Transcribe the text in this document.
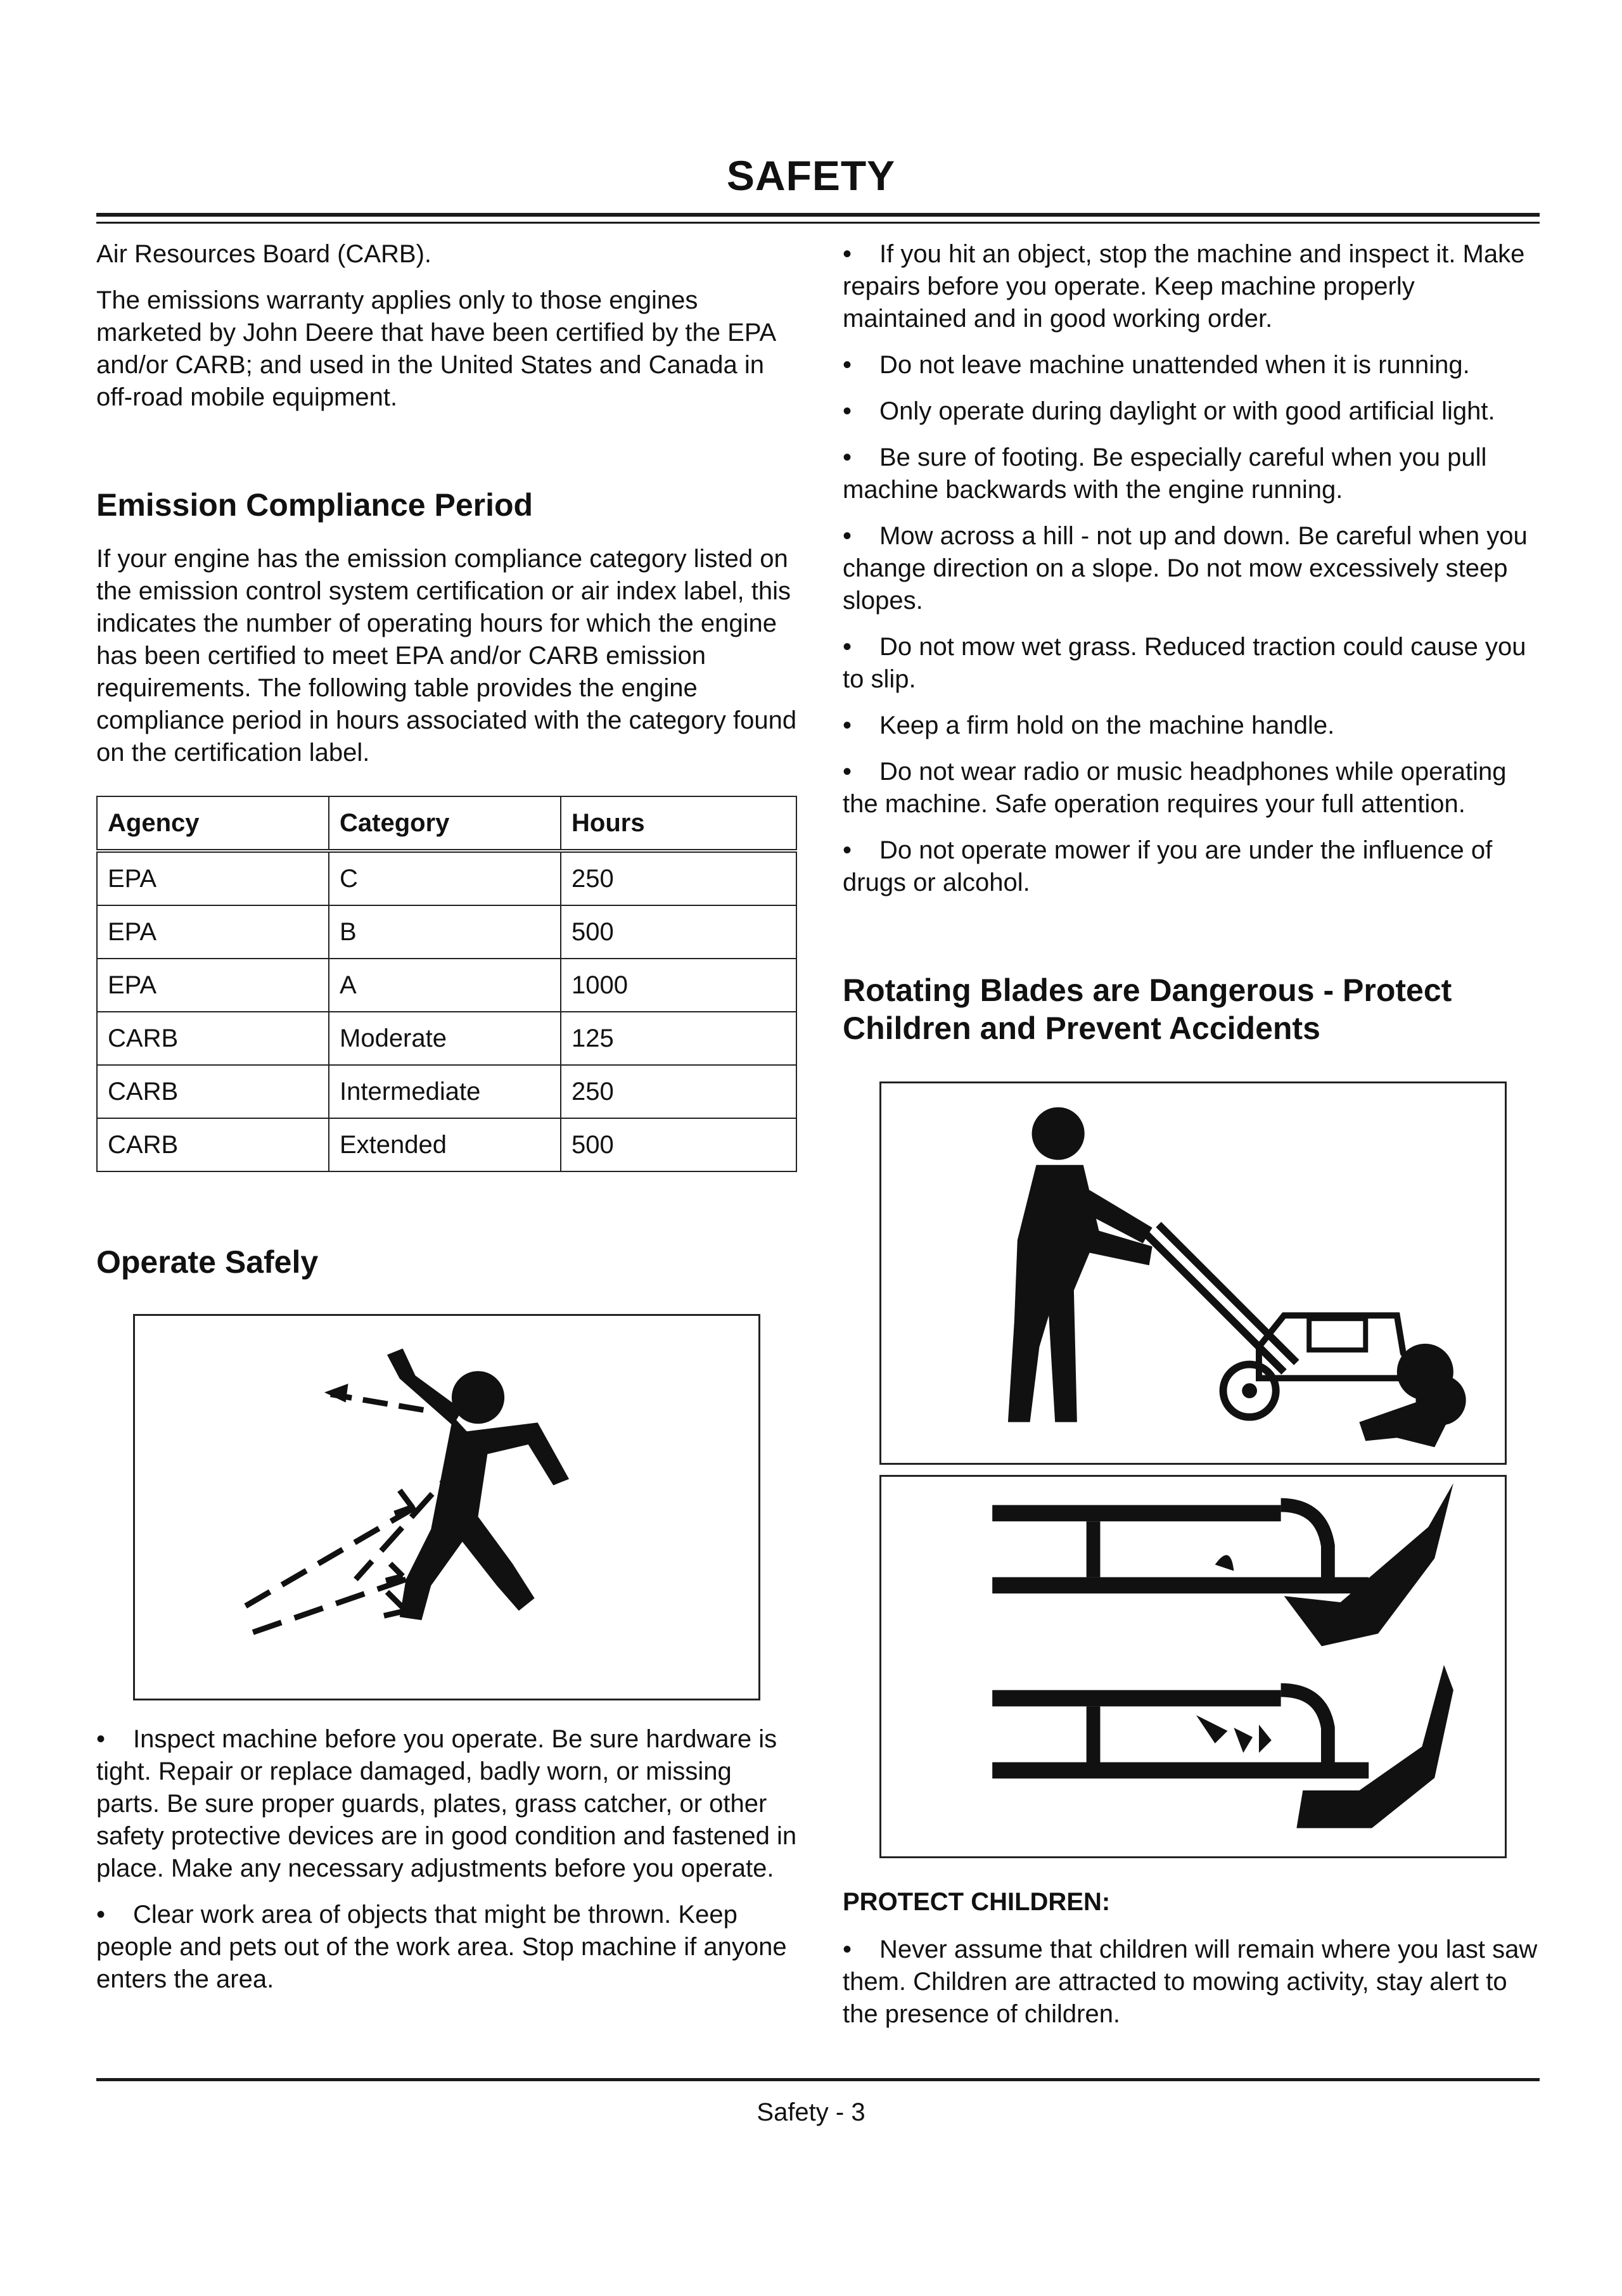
SAFETY

Air Resources Board (CARB).

The emissions warranty applies only to those engines marketed by John Deere that have been certified by the EPA and/or CARB; and used in the United States and Canada in off-road mobile equipment.

Emission Compliance Period

If your engine has the emission compliance category listed on the emission control system certification or air index label, this indicates the number of operating hours for which the engine has been certified to meet EPA and/or CARB emission requirements. The following table provides the engine compliance period in hours associated with the category found on the certification label.

Agency	Category	Hours
EPA	C	250
EPA	B	500
EPA	A	1000
CARB	Moderate	125
CARB	Intermediate	250
CARB	Extended	500
Operate Safely
• Inspect machine before you operate. Be sure hardware is tight. Repair or replace damaged, badly worn, or missing parts. Be sure proper guards, plates, grass catcher, or other safety protective devices are in good condition and fastened in place. Make any necessary adjustments before you operate.
• Clear work area of objects that might be thrown. Keep people and pets out of the work area. Stop machine if anyone enters the area.
• If you hit an object, stop the machine and inspect it. Make repairs before you operate. Keep machine properly maintained and in good working order.
• Do not leave machine unattended when it is running.
• Only operate during daylight or with good artificial light.
• Be sure of footing. Be especially careful when you pull machine backwards with the engine running.
• Mow across a hill - not up and down. Be careful when you change direction on a slope. Do not mow excessively steep slopes.
• Do not mow wet grass. Reduced traction could cause you to slip.
• Keep a firm hold on the machine handle.
• Do not wear radio or music headphones while operating the machine. Safe operation requires your full attention.
• Do not operate mower if you are under the influence of drugs or alcohol.
Rotating Blades are Dangerous - Protect Children and Prevent Accidents
PROTECT CHILDREN:
• Never assume that children will remain where you last saw them. Children are attracted to mowing activity, stay alert to the presence of children.
Safety - 3
